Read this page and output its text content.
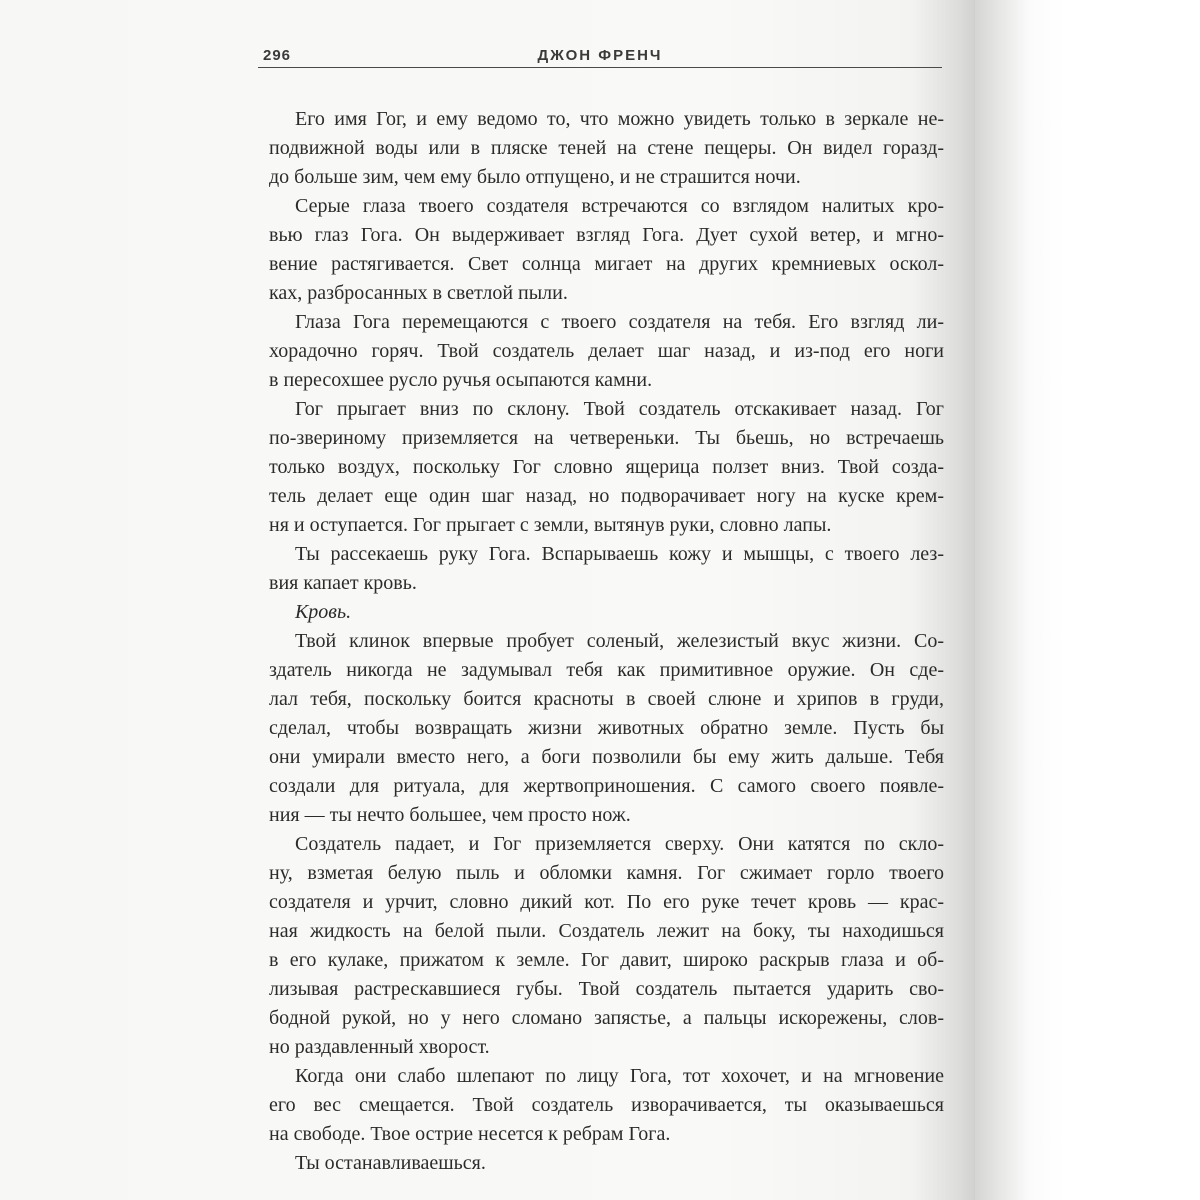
296	ДЖОН ФРЕНЧ
Его имя Гог, и ему ведомо то, что можно увидеть только в зеркале не-
подвижной воды или в пляске теней на стене пещеры. Он видел горазд-
до больше зим, чем ему было отпущено, и не страшится ночи.
Серые глаза твоего создателя встречаются со взглядом налитых кро-
вью глаз Гога. Он выдерживает взгляд Гога. Дует сухой ветер, и мгно-
вение растягивается. Свет солнца мигает на других кремниевых оскол-
ках, разбросанных в светлой пыли.
Глаза Гога перемещаются с твоего создателя на тебя. Его взгляд ли-
хорадочно горяч. Твой создатель делает шаг назад, и из-под его ноги
в пересохшее русло ручья осыпаются камни.
Гог прыгает вниз по склону. Твой создатель отскакивает назад. Гог
по-звериному приземляется на четвереньки. Ты бьешь, но встречаешь
только воздух, поскольку Гог словно ящерица ползет вниз. Твой созда-
тель делает еще один шаг назад, но подворачивает ногу на куске крем-
ня и оступается. Гог прыгает с земли, вытянув руки, словно лапы.
Ты рассекаешь руку Гога. Вспарываешь кожу и мышцы, с твоего лез-
вия капает кровь.
Кровь.
Твой клинок впервые пробует соленый, железистый вкус жизни. Со-
здатель никогда не задумывал тебя как примитивное оружие. Он сде-
лал тебя, поскольку боится красноты в своей слюне и хрипов в груди,
сделал, чтобы возвращать жизни животных обратно земле. Пусть бы
они умирали вместо него, а боги позволили бы ему жить дальше. Тебя
создали для ритуала, для жертвоприношения. С самого своего появле-
ния — ты нечто большее, чем просто нож.
Создатель падает, и Гог приземляется сверху. Они катятся по скло-
ну, взметая белую пыль и обломки камня. Гог сжимает горло твоего
создателя и урчит, словно дикий кот. По его руке течет кровь — крас-
ная жидкость на белой пыли. Создатель лежит на боку, ты находишься
в его кулаке, прижатом к земле. Гог давит, широко раскрыв глаза и об-
лизывая растрескавшиеся губы. Твой создатель пытается ударить сво-
бодной рукой, но у него сломано запястье, а пальцы искорежены, слов-
но раздавленный хворост.
Когда они слабо шлепают по лицу Гога, тот хохочет, и на мгновение
его вес смещается. Твой создатель изворачивается, ты оказываешься
на свободе. Твое острие несется к ребрам Гога.
Ты останавливаешься.
